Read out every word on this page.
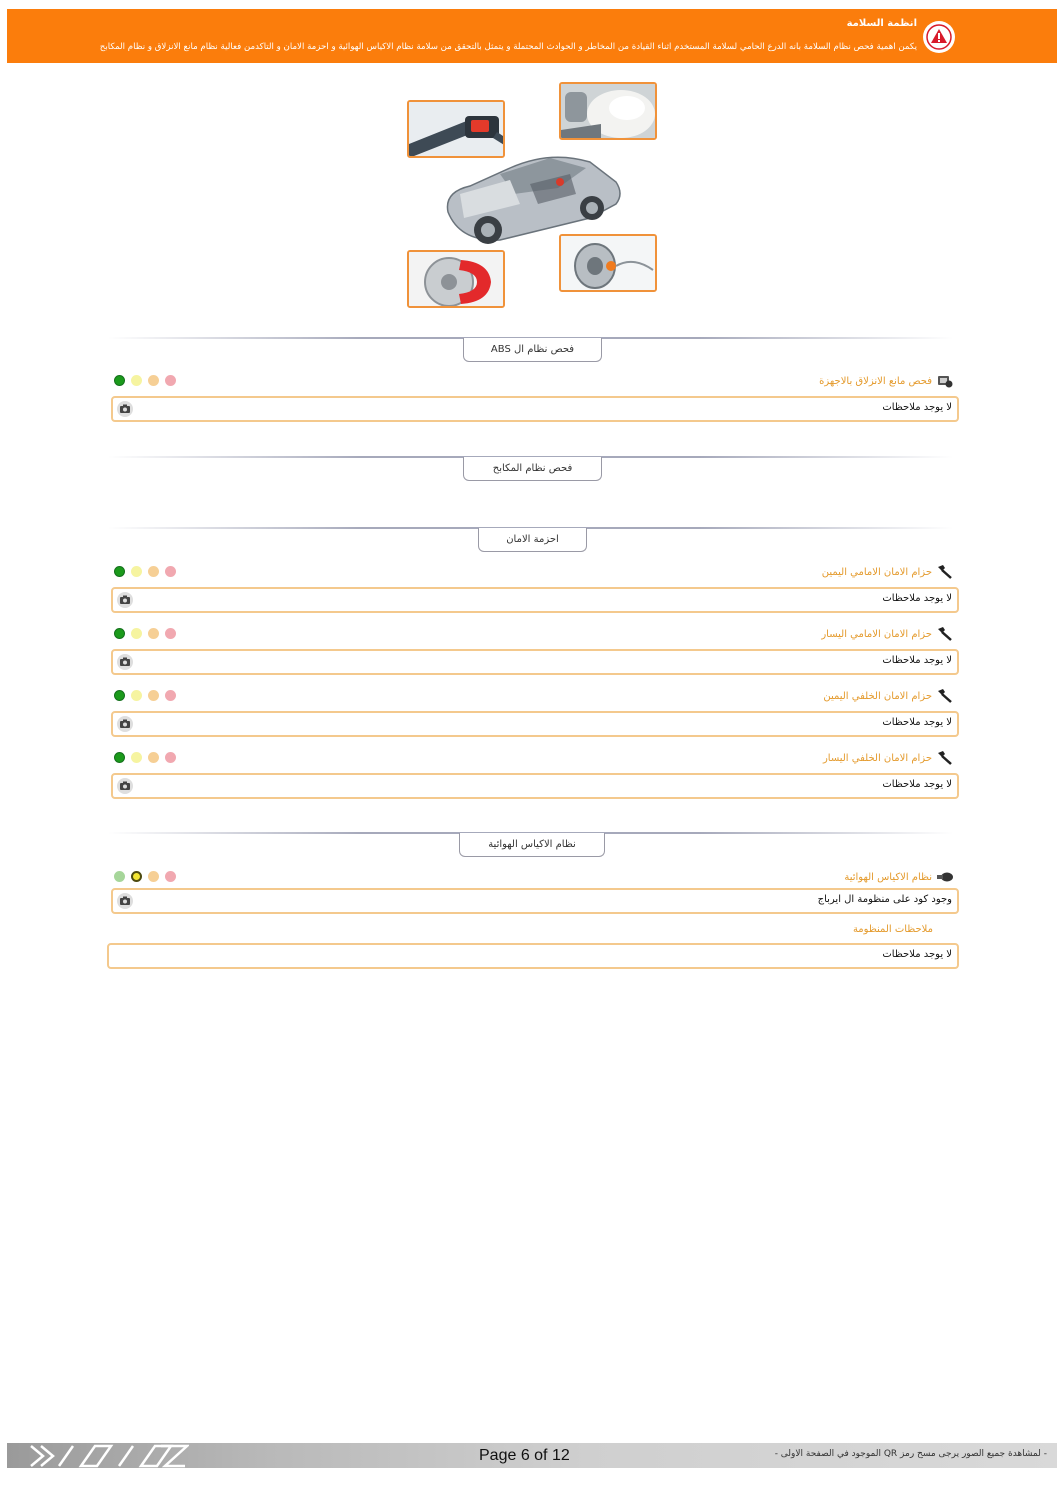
انظمة السلامة
يكمن اهمية فحص نظام السلامة بانه الدرع الحامي لسلامة المستخدم اثناء القيادة من المخاطر و الحوادث المحتملة و يتمثل بالتحقق من سلامة نظام الاكياس الهوائية و احزمة الامان و التاكدمن فعالية نظام مانع الانزلاق و نظام المكابح
فحص نظام ال ABS
فحص مانع الانزلاق بالاجهزة
لا يوجد ملاحظات
فحص نظام المكابح
احزمة الامان
حزام الامان الامامي اليمين
لا يوجد ملاحظات
حزام الامان الامامي اليسار
لا يوجد ملاحظات
حزام الامان الخلفي اليمين
لا يوجد ملاحظات
حزام الامان الخلفي اليسار
لا يوجد ملاحظات
نظام الاكياس الهوائية
نظام الاكياس الهوائية
وجود كود على منظومة ال ايرباج
ملاحظات المنظومة
لا يوجد ملاحظات
Page 6 of 12	- لمشاهدة جميع الصور يرجى مسح رمز QR الموجود في الصفحة الاولى -
